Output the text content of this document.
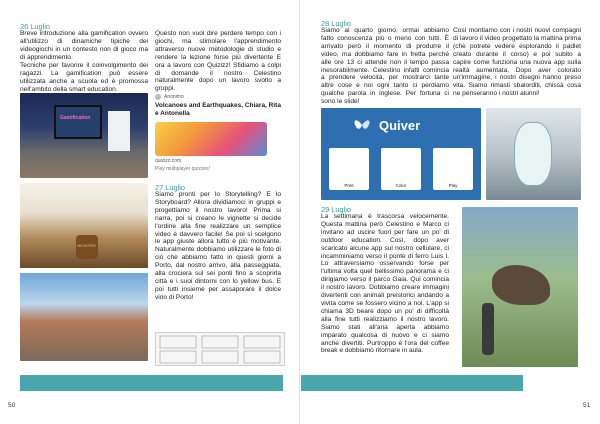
26 Luglio
Breve introduzione alla gamification ovvero all'utilizzo di dinamiche tipiche dei videogiochi in un contesto non di gioco ma di apprendimento.
Tecniche per favorire il coinvolgimento dei ragazzi. La gamification può essere utilizzata anche a scuola ed è promossa nell'ambito della smart education.
Gamification
VELHOTES
Questo non vuol dire perdere tempo con i giochi, ma stimolare l'apprendimento attraverso nuove metodologie di studio e rendere la lezione forse più divertente E ora a lavoro con Quizizz! Sfidiamo a colpi di domande il nostro Celestino naturalmente dopo un lavoro svolto a gruppi.
Anonimo
Volcanoes and Earthquakes, Chiara, Rita e Antonella
quizizz.com
Play multiplayer quizzes!
27 Luglio
Siamo pronti per lo Storytelling? E lo Storyboard? Allora dividiamoci in gruppi e progettiamo il nostro lavoro! Prima si narra, poi si creano le vignette si decide l'ordine alla fine realizzare un semplice video è davvero facile! Se poi si scelgono le app giuste allora tutto è più motivante. Naturalmente dobbiamo utilizzare le foto di ciò che abbiamo fatto in questi giorni a Porto, dal nostro arrivo, alla passeggiata, alla crociera sul sei ponti fino a scoprirla città e i suoi dintorni con lo yellow bus. E poi tutti insieme per assaporare il dolce vino di Porto!
50
28 Luglio
Siamo al quarto giorno, ormai abbiamo fatto conoscenza più o meno con tutti. È arrivato però il momento di produrre il video, ma dobbiamo fare in fretta perché alle ore 13 ci attende non il tempo passa inesorabilmente. Celestino infatti comincia a prendere velocità, per mostrarci tante altre cose e noi ogni tanto ci perdiamo qualche parola in inglese. Per fortuna ci sono le slide!
Così montiamo con i nostri nuovi compagni di lavoro il video progettato la mattina prima (che potrete vedere esplorando il padlet creato durante il corso) e poi subito a capire come funziona una nuova app sulla realtà aumentata. Dopo aver colorato un'immagine, i nostri disegni hanno preso vita. Siamo rimasti sbalorditi, chissà cosa ne penseranno i nostri alunni!
Quiver
Print	Color	Play
29 Luglio
La settimana è trascorsa velocemente. Questa mattina però Celestino e Marco ci invitano ad uscire fuori per fare un po' di outdoor education. Così, dopo aver scaricato alcune app sul nostro cellulare, ci incamminiamo verso il ponte di ferro Luis I. Lo attraversiamo osservando forse per l'ultima volta quel bellissimo panorama e ci dirigiamo verso il parco Gaia. Qui comincia il nostro lavoro. Dobbiamo creare immagini divertenti con animali preistorici andando a vivita come se fossero vicino a noi. L'app si chiama 3D beare dopo un po' di difficoltà alla fine tutti realizziamo il nostro lavoro. Siamo stati all'aria aperta abbiamo imparato qualcosa di nuovo e ci siamo anche divertiti. Purtroppo è l'ora del coffee break e dobbiamo ritornare in aula.
51
